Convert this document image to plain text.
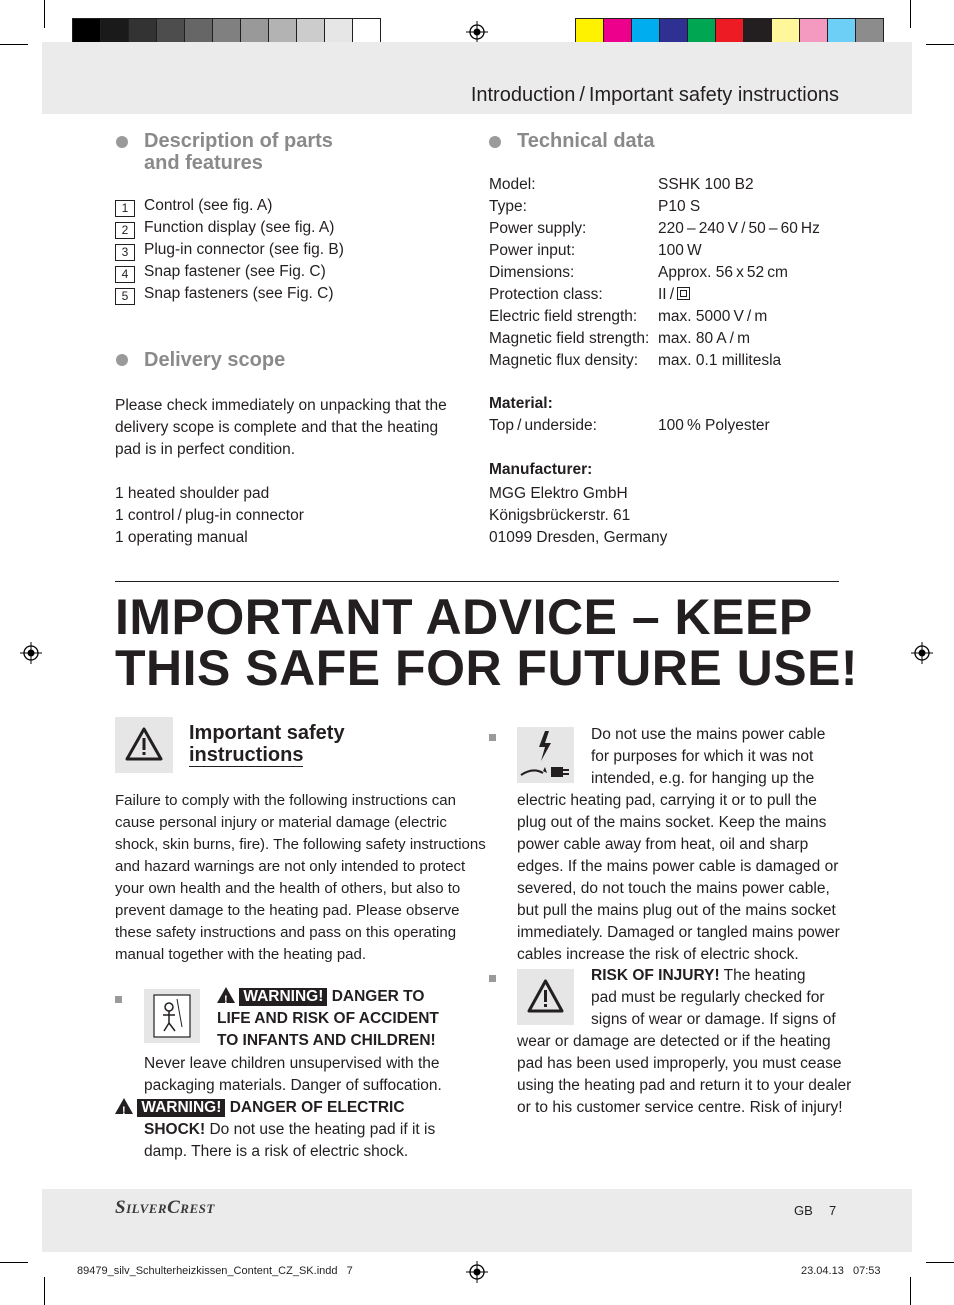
Introduction / Important safety instructions
Description of parts
and features
1	Control (see fig. A)
2	Function display (see fig. A)
3	Plug-in connector (see fig. B)
4	Snap fastener (see Fig. C)
5	Snap fasteners (see Fig. C)
Delivery scope
Please check immediately on unpacking that the
delivery scope is complete and that the heating
pad is in perfect condition.
1 heated shoulder pad
1 control / plug-in connector
1 operating manual
Technical data
Model:	SSHK 100 B2
Type:	P10 S
Power supply:	220 – 240 V / 50 – 60 Hz
Power input:	100 W
Dimensions:	Approx. 56 x 52 cm
Protection class:	II / 
Electric field strength: max. 5000 V / m
Magnetic field strength: max. 80 A / m
Magnetic flux density: max. 0.1 millitesla
Material:
Top / underside:	100 % Polyester
Manufacturer:
MGG Elektro GmbH
Königsbrückerstr. 61
01099 Dresden, Germany
IMPORTANT ADVICE – KEEP
THIS SAFE FOR FUTURE USE!
Important safety
instructions
Failure to comply with the following instructions can
cause personal injury or material damage (electric
shock, skin burns, fire). The following safety instructions
and hazard warnings are not only intended to protect
your own health and the health of others, but also to
prevent damage to the heating pad. Please observe
these safety instructions and pass on this operating
manual together with the heating pad.
! WARNING! DANGER TO
LIFE AND RISK OF ACCIDENT
TO INFANTS AND CHILDREN!
Never leave children unsupervised with the
packaging materials. Danger of suffocation.
! WARNING! DANGER OF ELECTRIC
SHOCK! Do not use the heating pad if it is
damp. There is a risk of electric shock.
Do not use the mains power cable
for purposes for which it was not
intended, e.g. for hanging up the
electric heating pad, carrying it or to pull the
plug out of the mains socket. Keep the mains
power cable away from heat, oil and sharp
edges. If the mains power cable is damaged or
severed, do not touch the mains power cable,
but pull the mains plug out of the mains socket
immediately. Damaged or tangled mains power
cables increase the risk of electric shock.
RISK OF INJURY! The heating
pad must be regularly checked for
signs of wear or damage. If signs of
wear or damage are detected or if the heating
pad has been used improperly, you must cease
using the heating pad and return it to your dealer
or to his customer service centre. Risk of injury!
SilverCrest	GB 7
89479_silv_Schulterheizkissen_Content_CZ_SK.indd   7	23.04.13   07:53
